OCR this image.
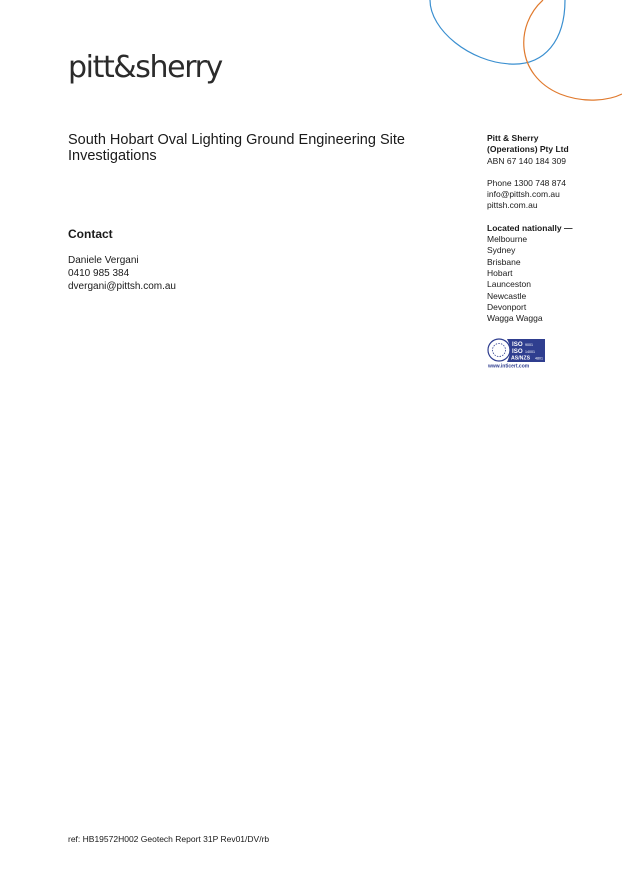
pitt&sherry
South Hobart Oval Lighting Ground Engineering Site Investigations
Contact
Daniele Vergani
0410 985 384
dvergani@pittsh.com.au
Pitt & Sherry
(Operations) Pty Ltd
ABN 67 140 184 309
Phone 1300 748 874
info@pittsh.com.au
pittsh.com.au
Located nationally —
Melbourne
Sydney
Brisbane
Hobart
Launceston
Newcastle
Devonport
Wagga Wagga
ISO 9001
ISO 14001
AS/NZS 4801
www.inticert.com
ref: HB19572H002 Geotech Report 31P Rev01/DV/rb
